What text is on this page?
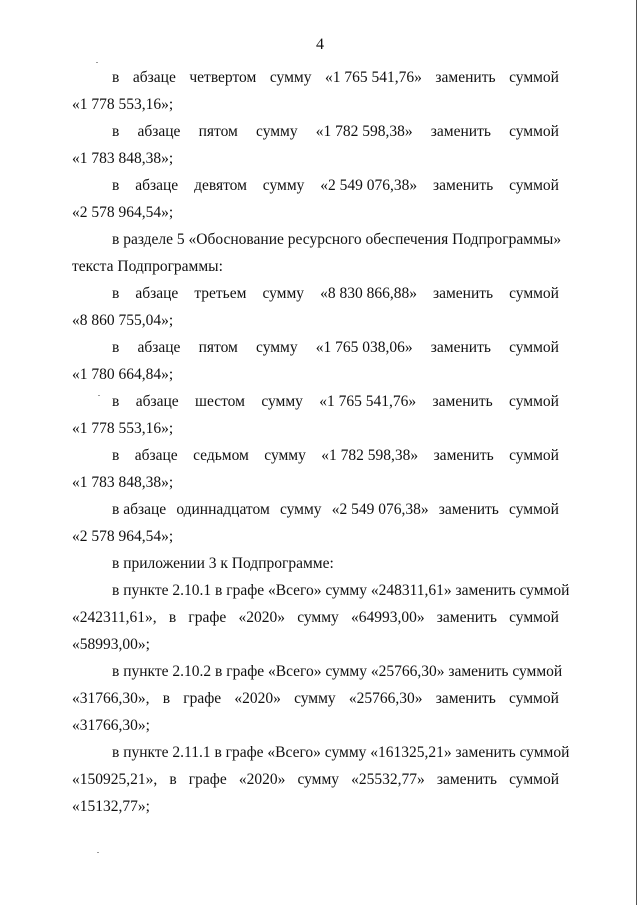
4
в абзаце четвертом сумму «1 765 541,76» заменить суммой
«1 778 553,16»;
в абзаце пятом сумму «1 782 598,38» заменить суммой
«1 783 848,38»;
в абзаце девятом сумму «2 549 076,38» заменить суммой
«2 578 964,54»;
в разделе 5 «Обоснование ресурсного обеспечения Подпрограммы»
текста Подпрограммы:
в абзаце третьем сумму «8 830 866,88» заменить суммой
«8 860 755,04»;
в абзаце пятом сумму «1 765 038,06» заменить суммой
«1 780 664,84»;
в абзаце шестом сумму «1 765 541,76» заменить суммой
«1 778 553,16»;
в абзаце седьмом сумму «1 782 598,38» заменить суммой
«1 783 848,38»;
в абзаце одиннадцатом сумму «2 549 076,38» заменить суммой
«2 578 964,54»;
в приложении 3 к Подпрограмме:
в пункте 2.10.1 в графе «Всего» сумму «248311,61» заменить суммой
«242311,61», в графе «2020» сумму «64993,00» заменить суммой
«58993,00»;
в пункте 2.10.2 в графе «Всего» сумму «25766,30» заменить суммой
«31766,30», в графе «2020» сумму «25766,30» заменить суммой
«31766,30»;
в пункте 2.11.1 в графе «Всего» сумму «161325,21» заменить суммой
«150925,21», в графе «2020» сумму «25532,77» заменить суммой
«15132,77»;
